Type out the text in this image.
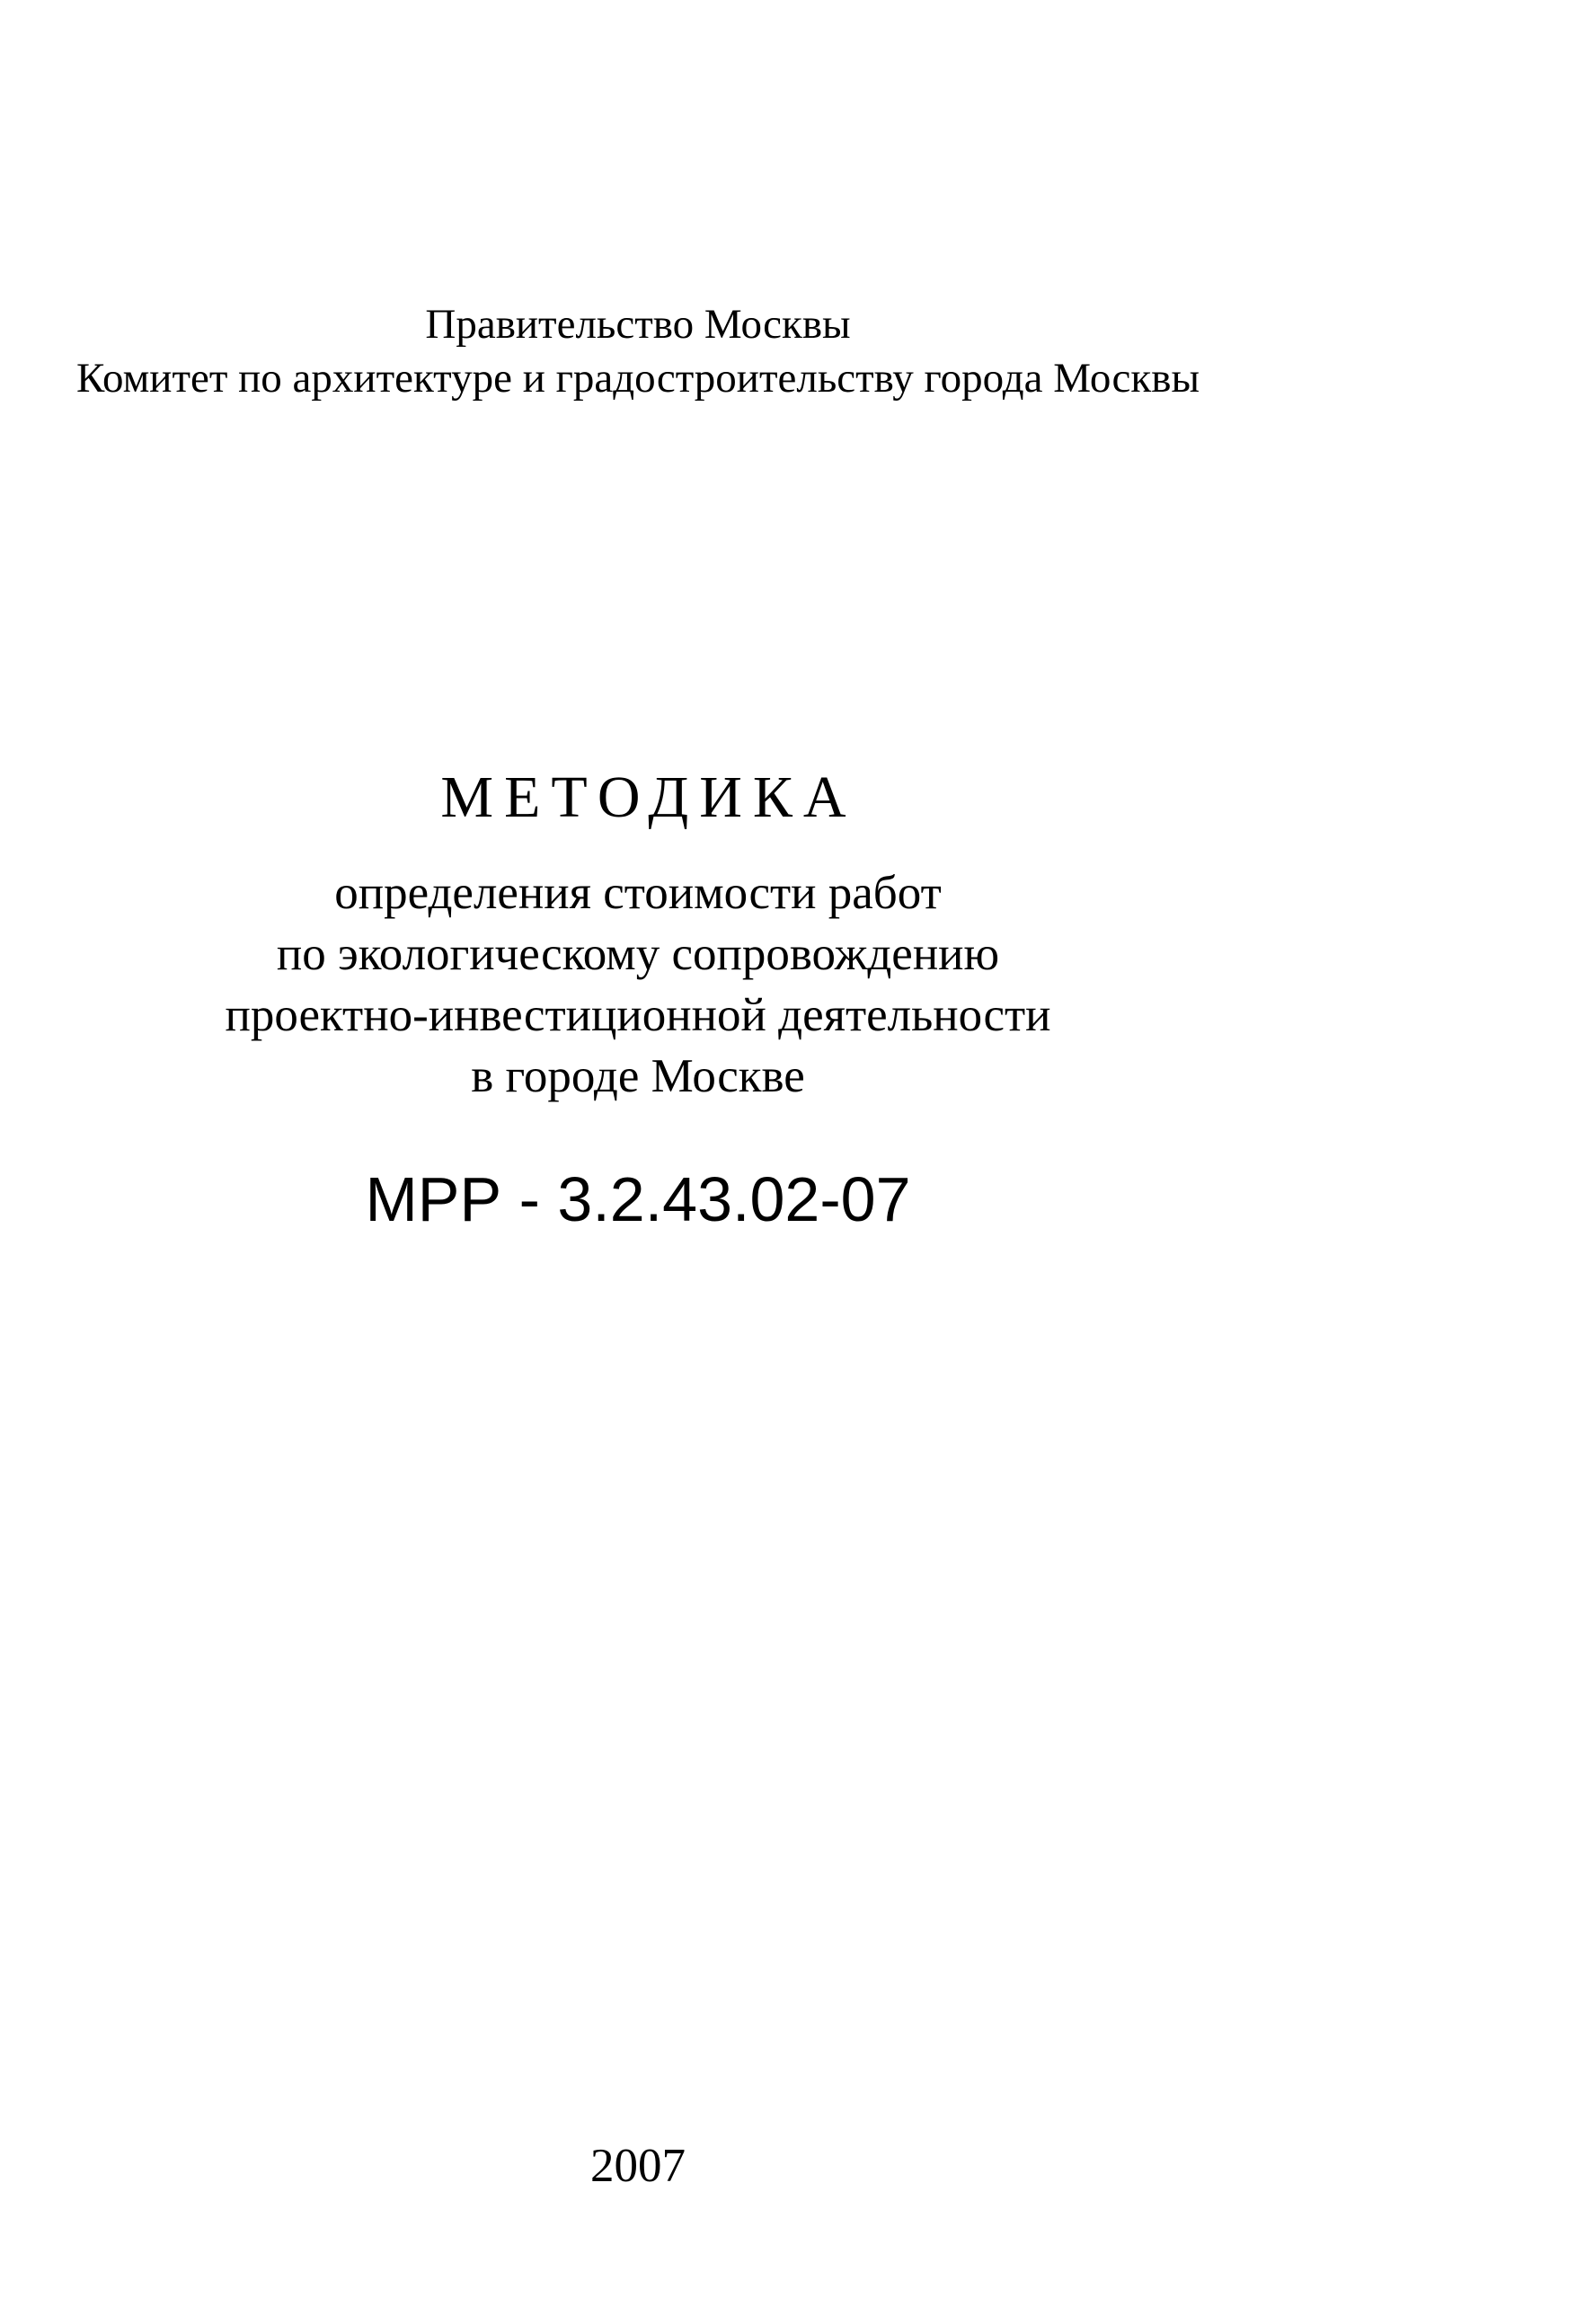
Правительство Москвы
Комитет по архитектуре и градостроительству города Москвы
МЕТОДИКА
определения стоимости работ
по экологическому сопровождению
проектно-инвестиционной деятельности
в городе Москве
МРР - 3.2.43.02-07
2007
